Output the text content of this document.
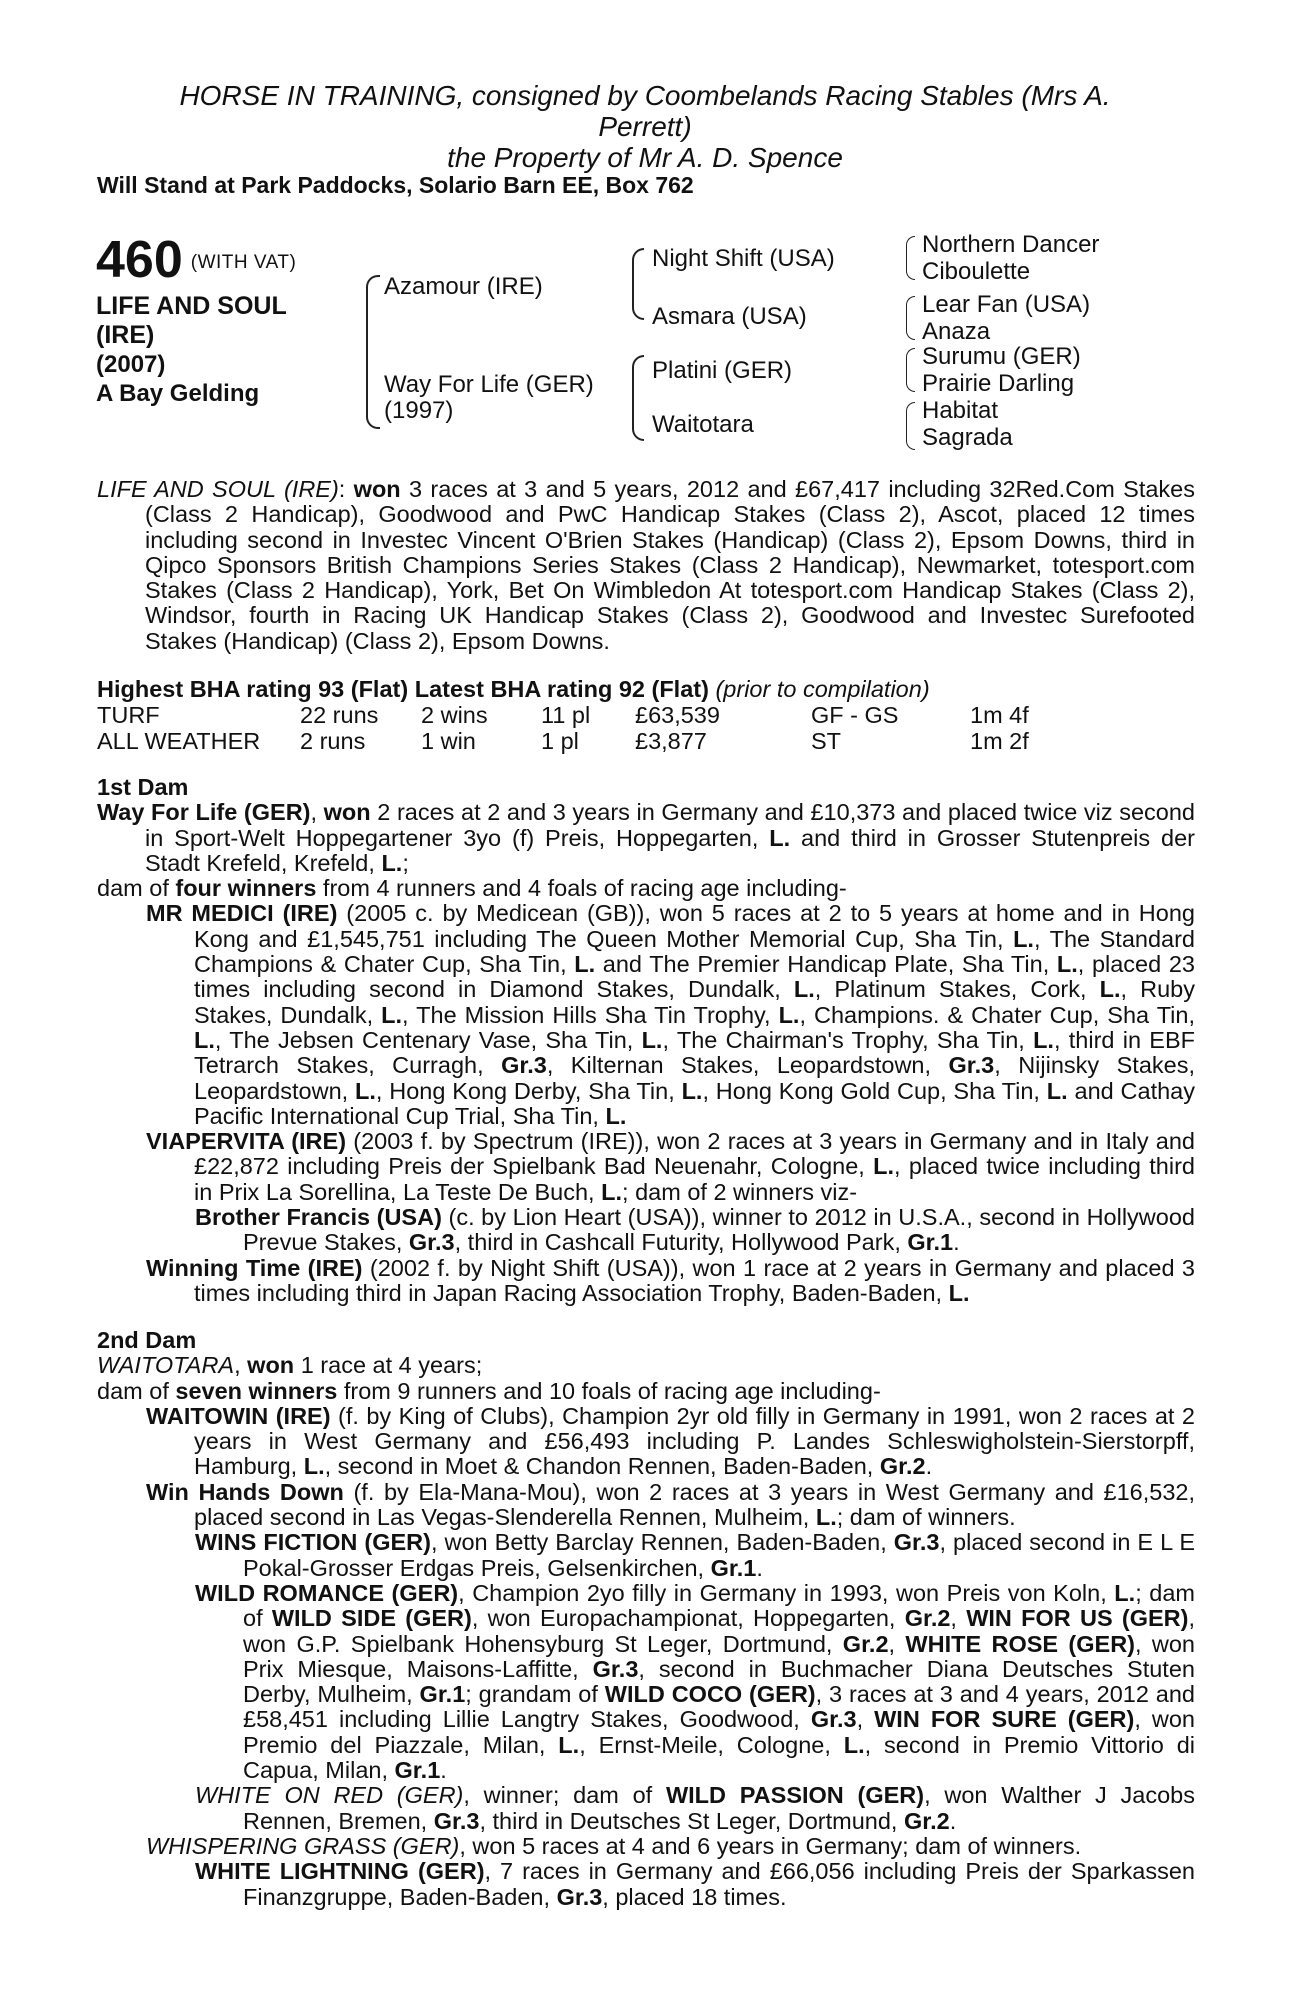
HORSE IN TRAINING, consigned by Coombelands Racing Stables (Mrs A.
Perrett)
the Property of Mr A. D. Spence
Will Stand at Park Paddocks, Solario Barn EE, Box 762
460 (WITH VAT)
LIFE AND SOUL
(IRE)
(2007)
A Bay Gelding
Azamour (IRE)
Way For Life (GER)
(1997)
Night Shift (USA)
Asmara (USA)
Platini (GER)
Waitotara
Northern Dancer
Ciboulette
Lear Fan (USA)
Anaza
Surumu (GER)
Prairie Darling
Habitat
Sagrada

LIFE AND SOUL (IRE): won 3 races at 3 and 5 years, 2012 and £67,417 including 32Red.Com Stakes (Class 2 Handicap), Goodwood and PwC Handicap Stakes (Class 2), Ascot, placed 12 times including second in Investec Vincent O'Brien Stakes (Handicap) (Class 2), Epsom Downs, third in Qipco Sponsors British Champions Series Stakes (Class 2 Handicap), Newmarket, totesport.com Stakes (Class 2 Handicap), York, Bet On Wimbledon At totesport.com Handicap Stakes (Class 2), Windsor, fourth in Racing UK Handicap Stakes (Class 2), Goodwood and Investec Surefooted Stakes (Handicap) (Class 2), Epsom Downs.

Highest BHA rating 93 (Flat) Latest BHA rating 92 (Flat) (prior to compilation)
TURF	22 runs 2 wins 11 pl £63,539	GF - GS	1m 4f
ALL WEATHER 2 runs 1 win	1 pl £3,877	ST	1m 2f

1st Dam

Way For Life (GER), won 2 races at 2 and 3 years in Germany and £10,373 and placed twice viz second in Sport-Welt Hoppegartener 3yo (f) Preis, Hoppegarten, L. and third in Grosser Stutenpreis der Stadt Krefeld, Krefeld, L.;

dam of four winners from 4 runners and 4 foals of racing age including-

MR MEDICI (IRE) (2005 c. by Medicean (GB)), won 5 races at 2 to 5 years at home and in Hong Kong and £1,545,751 including The Queen Mother Memorial Cup, Sha Tin, L., The Standard Champions & Chater Cup, Sha Tin, L. and The Premier Handicap Plate, Sha Tin, L., placed 23 times including second in Diamond Stakes, Dundalk, L., Platinum Stakes, Cork, L., Ruby Stakes, Dundalk, L., The Mission Hills Sha Tin Trophy, L., Champions. & Chater Cup, Sha Tin, L., The Jebsen Centenary Vase, Sha Tin, L., The Chairman's Trophy, Sha Tin, L., third in EBF Tetrarch Stakes, Curragh, Gr.3, Kilternan Stakes, Leopardstown, Gr.3, Nijinsky Stakes, Leopardstown, L., Hong Kong Derby, Sha Tin, L., Hong Kong Gold Cup, Sha Tin, L. and Cathay Pacific International Cup Trial, Sha Tin, L.

VIAPERVITA (IRE) (2003 f. by Spectrum (IRE)), won 2 races at 3 years in Germany and in Italy and £22,872 including Preis der Spielbank Bad Neuenahr, Cologne, L., placed twice including third in Prix La Sorellina, La Teste De Buch, L.; dam of 2 winners viz-

Brother Francis (USA) (c. by Lion Heart (USA)), winner to 2012 in U.S.A., second in Hollywood Prevue Stakes, Gr.3, third in Cashcall Futurity, Hollywood Park, Gr.1.

Winning Time (IRE) (2002 f. by Night Shift (USA)), won 1 race at 2 years in Germany and placed 3 times including third in Japan Racing Association Trophy, Baden-Baden, L.

2nd Dam

WAITOTARA, won 1 race at 4 years;

dam of seven winners from 9 runners and 10 foals of racing age including-

WAITOWIN (IRE) (f. by King of Clubs), Champion 2yr old filly in Germany in 1991, won 2 races at 2 years in West Germany and £56,493 including P. Landes Schleswigholstein-Sierstorpff, Hamburg, L., second in Moet & Chandon Rennen, Baden-Baden, Gr.2.

Win Hands Down (f. by Ela-Mana-Mou), won 2 races at 3 years in West Germany and £16,532, placed second in Las Vegas-Slenderella Rennen, Mulheim, L.; dam of winners.

WINS FICTION (GER), won Betty Barclay Rennen, Baden-Baden, Gr.3, placed second in E L E Pokal-Grosser Erdgas Preis, Gelsenkirchen, Gr.1.

WILD ROMANCE (GER), Champion 2yo filly in Germany in 1993, won Preis von Koln, L.; dam of WILD SIDE (GER), won Europachampionat, Hoppegarten, Gr.2, WIN FOR US (GER), won G.P. Spielbank Hohensyburg St Leger, Dortmund, Gr.2, WHITE ROSE (GER), won Prix Miesque, Maisons-Laffitte, Gr.3, second in Buchmacher Diana Deutsches Stuten Derby, Mulheim, Gr.1; grandam of WILD COCO (GER), 3 races at 3 and 4 years, 2012 and £58,451 including Lillie Langtry Stakes, Goodwood, Gr.3, WIN FOR SURE (GER), won Premio del Piazzale, Milan, L., Ernst-Meile, Cologne, L., second in Premio Vittorio di Capua, Milan, Gr.1.

WHITE ON RED (GER), winner; dam of WILD PASSION (GER), won Walther J Jacobs Rennen, Bremen, Gr.3, third in Deutsches St Leger, Dortmund, Gr.2.

WHISPERING GRASS (GER), won 5 races at 4 and 6 years in Germany; dam of winners.

WHITE LIGHTNING (GER), 7 races in Germany and £66,056 including Preis der Sparkassen Finanzgruppe, Baden-Baden, Gr.3, placed 18 times.
